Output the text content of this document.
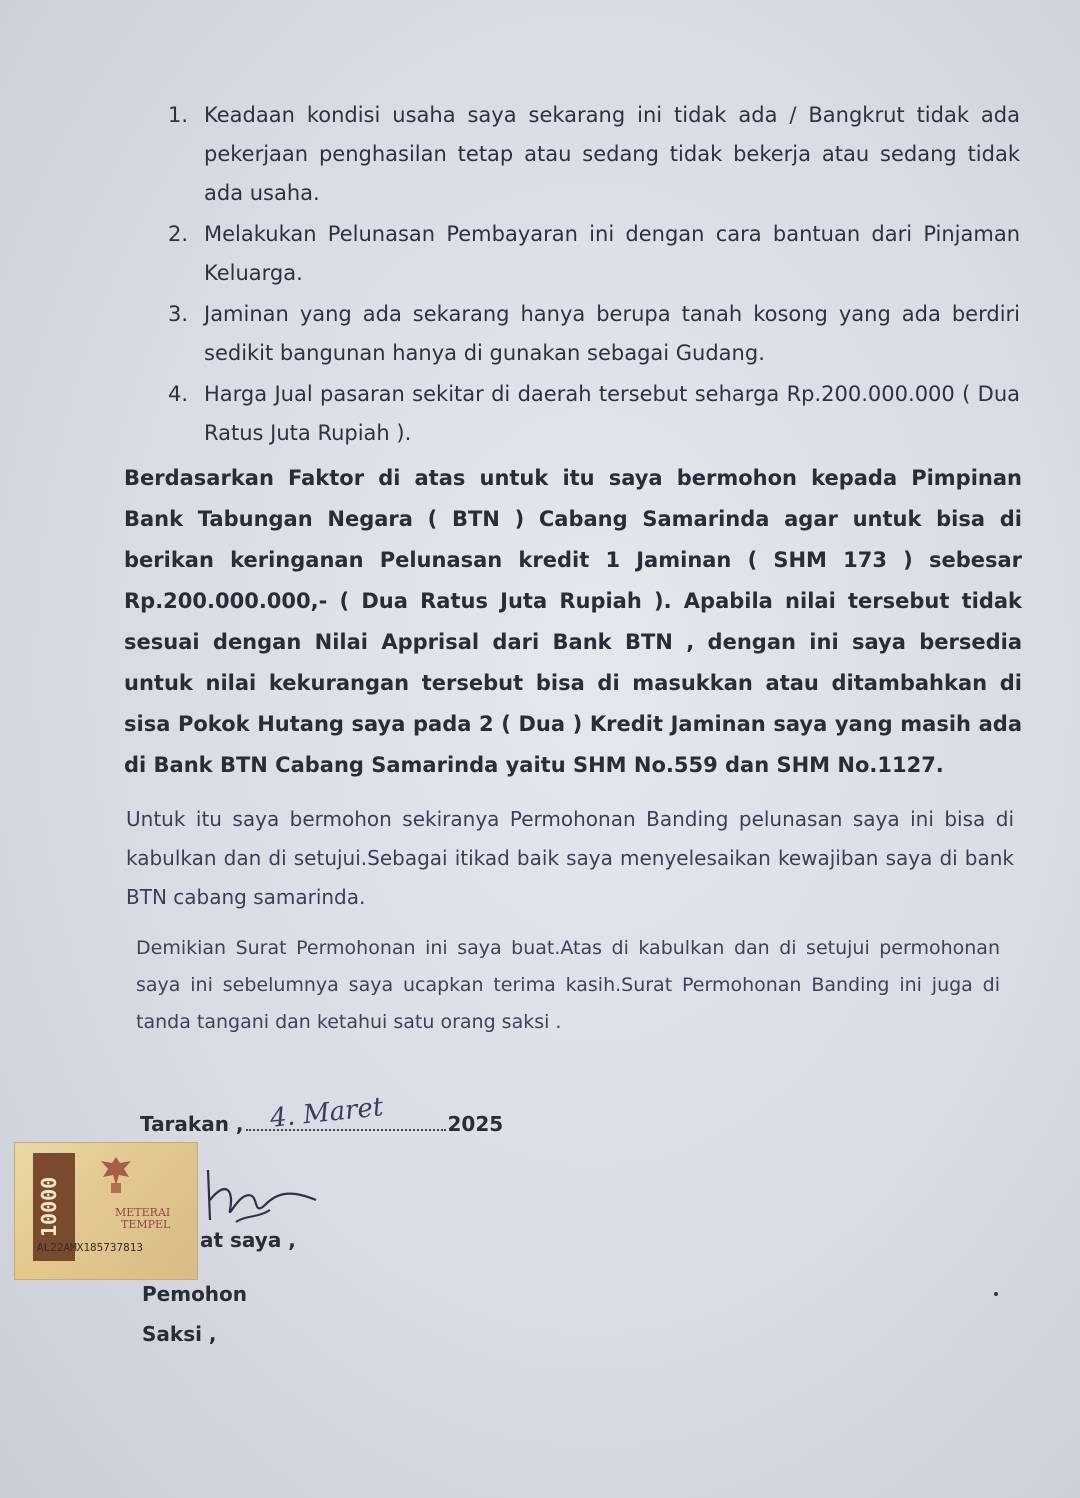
1. Keadaan kondisi usaha saya sekarang ini tidak ada / Bangkrut tidak ada pekerjaan penghasilan tetap atau sedang tidak bekerja atau sedang tidak ada usaha.
2. Melakukan Pelunasan Pembayaran ini dengan cara bantuan dari Pinjaman Keluarga.
3. Jaminan yang ada sekarang hanya berupa tanah kosong yang ada berdiri sedikit bangunan hanya di gunakan sebagai Gudang.
4. Harga Jual pasaran sekitar di daerah tersebut seharga Rp.200.000.000 ( Dua Ratus Juta Rupiah ).
Berdasarkan Faktor di atas untuk itu saya bermohon kepada Pimpinan Bank Tabungan Negara ( BTN ) Cabang Samarinda agar untuk bisa di berikan keringanan Pelunasan kredit 1 Jaminan ( SHM 173 ) sebesar Rp.200.000.000,- ( Dua Ratus Juta Rupiah ). Apabila nilai tersebut tidak sesuai dengan Nilai Apprisal dari Bank BTN , dengan ini saya bersedia untuk nilai kekurangan tersebut bisa di masukkan atau ditambahkan di sisa Pokok Hutang saya pada 2 ( Dua ) Kredit Jaminan saya yang masih ada di Bank BTN Cabang Samarinda yaitu SHM No.559 dan SHM No.1127.
Untuk itu saya bermohon sekiranya Permohonan Banding pelunasan saya ini bisa di kabulkan dan di setujui.Sebagai itikad baik saya menyelesaikan kewajiban saya di bank BTN cabang samarinda.
Demikian Surat Permohonan ini saya buat.Atas di kabulkan dan di setujui permohonan saya ini sebelumnya saya ucapkan terima kasih.Surat Permohonan Banding ini juga di tanda tangani dan ketahui satu orang saksi .
Tarakan ,	2025
4. Maret
at saya ,
Pemohon
Saksi ,
10000	METERAI
TEMPEL
AL22AMX185737813
